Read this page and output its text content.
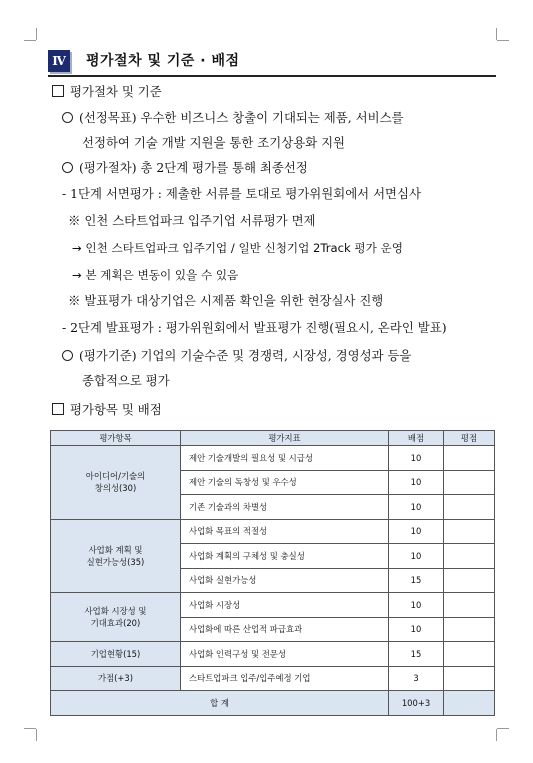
Ⅳ 평가절차 및 기준 · 배점
평가절차 및 기준
(선정목표) 우수한 비즈니스 창출이 기대되는 제품, 서비스를
선정하여 기술 개발 지원을 통한 조기상용화 지원
(평가절차) 총 2단계 평가를 통해 최종선정
- 1단계 서면평가 : 제출한 서류를 토대로 평가위원회에서 서면심사
※ 인천 스타트업파크 입주기업 서류평가 면제
→ 인천 스타트업파크 입주기업 / 일반 신청기업 2Track 평가 운영
→ 본 계획은 변동이 있을 수 있음
※ 발표평가 대상기업은 시제품 확인을 위한 현장실사 진행
- 2단계 발표평가 : 평가위원회에서 발표평가 진행(필요시, 온라인 발표)
(평가기준) 기업의 기술수준 및 경쟁력, 시장성, 경영성과 등을
종합적으로 평가
평가항목 및 배점
평가항목	평가지표	배점	평점

아이디어/기술의
창의성(30)	제안 기술개발의 필요성 및 시급성	10	
	제안 기술의 독창성 및 우수성	10	
	기존 기술과의 차별성	10	

사업화 계획 및
실현가능성(35)	사업화 목표의 적절성	10	
	사업화 계획의 구체성 및 충실성	10	
	사업화 실현가능성	15	

사업화 시장성 및
기대효과(20)	사업화 시장성	10	
	사업화에 따른 산업적 파급효과	10	
기업현황(15)	사업화 인력구성 및 전문성	15	
가점(+3)	스타트업파크 입주/입주예정 기업	3	
합 계		100+3	
